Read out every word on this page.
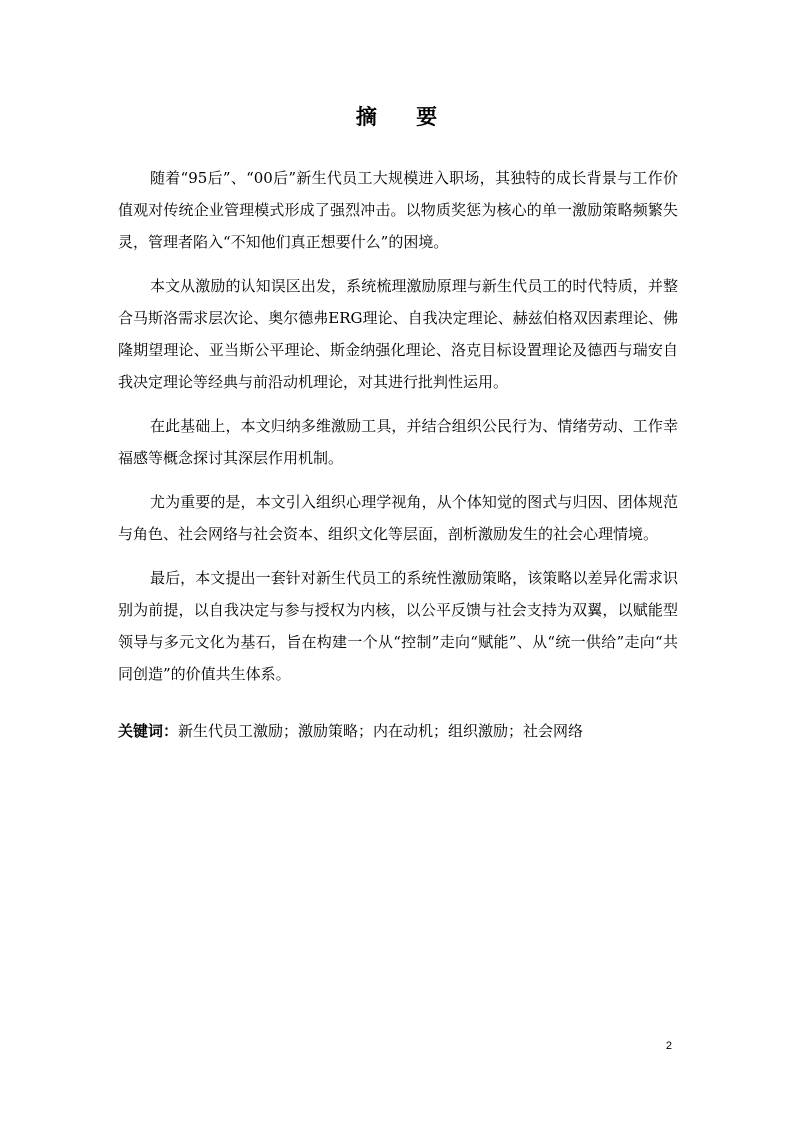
摘 要

随着“95后”、“00后”新生代员工大规模进入职场，其独特的成长背景与工作价值观对传统企业管理模式形成了强烈冲击。以物质奖惩为核心的单一激励策略频繁失灵，管理者陷入“不知他们真正想要什么”的困境。

本文从激励的认知误区出发，系统梳理激励原理与新生代员工的时代特质，并整合马斯洛需求层次论、奥尔德弗ERG理论、自我决定理论、赫兹伯格双因素理论、佛隆期望理论、亚当斯公平理论、斯金纳强化理论、洛克目标设置理论及德西与瑞安自我决定理论等经典与前沿动机理论，对其进行批判性运用。

在此基础上，本文归纳多维激励工具，并结合组织公民行为、情绪劳动、工作幸福感等概念探讨其深层作用机制。

尤为重要的是，本文引入组织心理学视角，从个体知觉的图式与归因、团体规范与角色、社会网络与社会资本、组织文化等层面，剖析激励发生的社会心理情境。

最后，本文提出一套针对新生代员工的系统性激励策略，该策略以差异化需求识别为前提，以自我决定与参与授权为内核，以公平反馈与社会支持为双翼，以赋能型领导与多元文化为基石，旨在构建一个从“控制”走向“赋能”、从“统一供给”走向“共同创造”的价值共生体系。

关键词：新生代员工激励；激励策略；内在动机；组织激励；社会网络
2
